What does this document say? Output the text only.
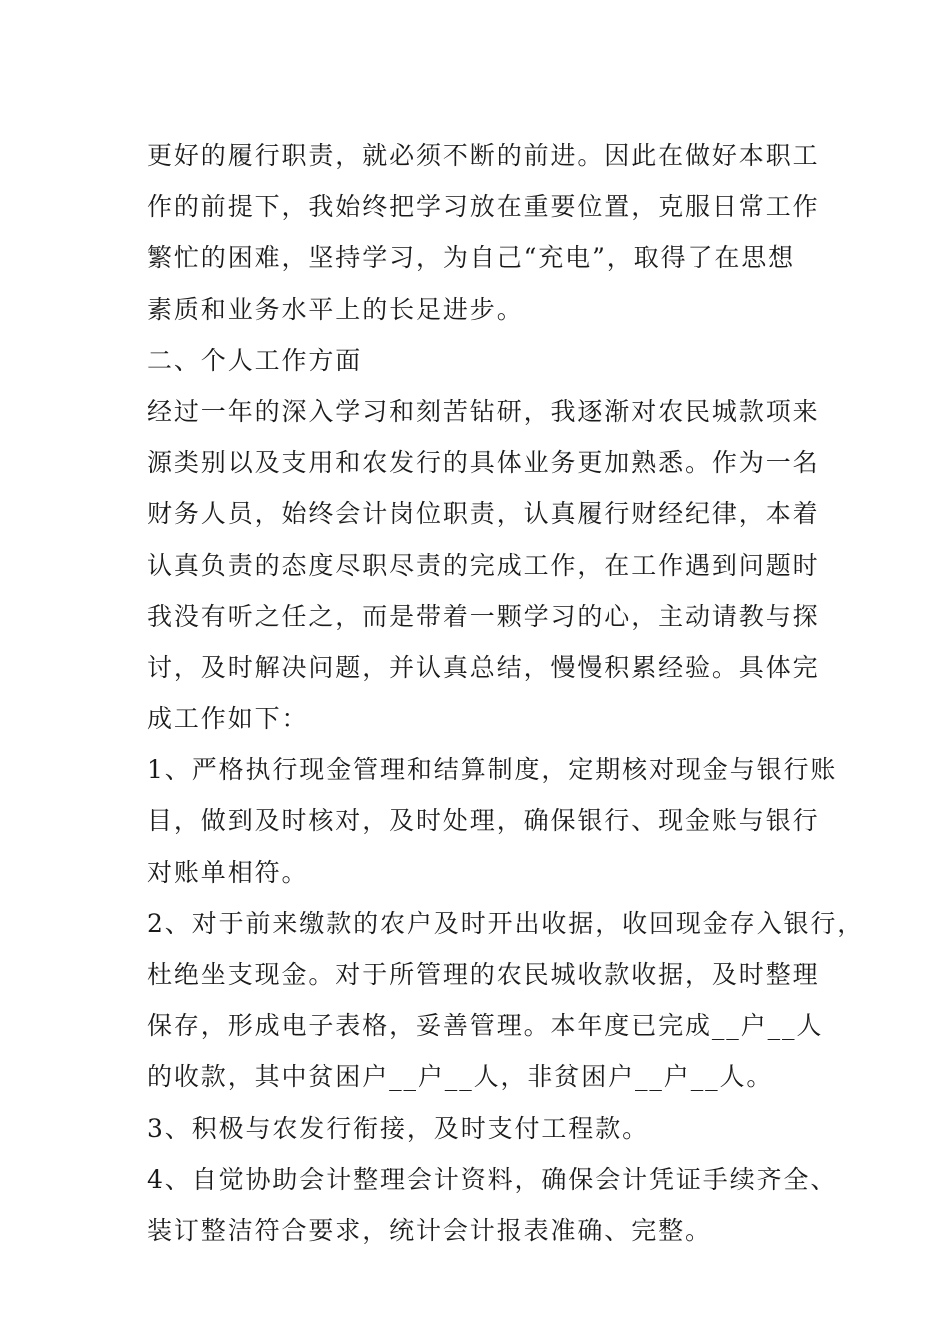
更好的履行职责，就必须不断的前进。因此在做好本职工
作的前提下，我始终把学习放在重要位置，克服日常工作
繁忙的困难，坚持学习，为自己“充电”，取得了在思想
素质和业务水平上的长足进步。
二、个人工作方面
经过一年的深入学习和刻苦钻研，我逐渐对农民城款项来
源类别以及支用和农发行的具体业务更加熟悉。作为一名
财务人员，始终会计岗位职责，认真履行财经纪律，本着
认真负责的态度尽职尽责的完成工作，在工作遇到问题时
我没有听之任之，而是带着一颗学习的心，主动请教与探
讨，及时解决问题，并认真总结，慢慢积累经验。具体完
成工作如下：
1、严格执行现金管理和结算制度，定期核对现金与银行账
目，做到及时核对，及时处理，确保银行、现金账与银行
对账单相符。
2、对于前来缴款的农户及时开出收据，收回现金存入银行，
杜绝坐支现金。对于所管理的农民城收款收据，及时整理
保存，形成电子表格，妥善管理。本年度已完成__户__人
的收款，其中贫困户__户__人，非贫困户__户__人。
3、积极与农发行衔接，及时支付工程款。
4、自觉协助会计整理会计资料，确保会计凭证手续齐全、
装订整洁符合要求，统计会计报表准确、完整。
